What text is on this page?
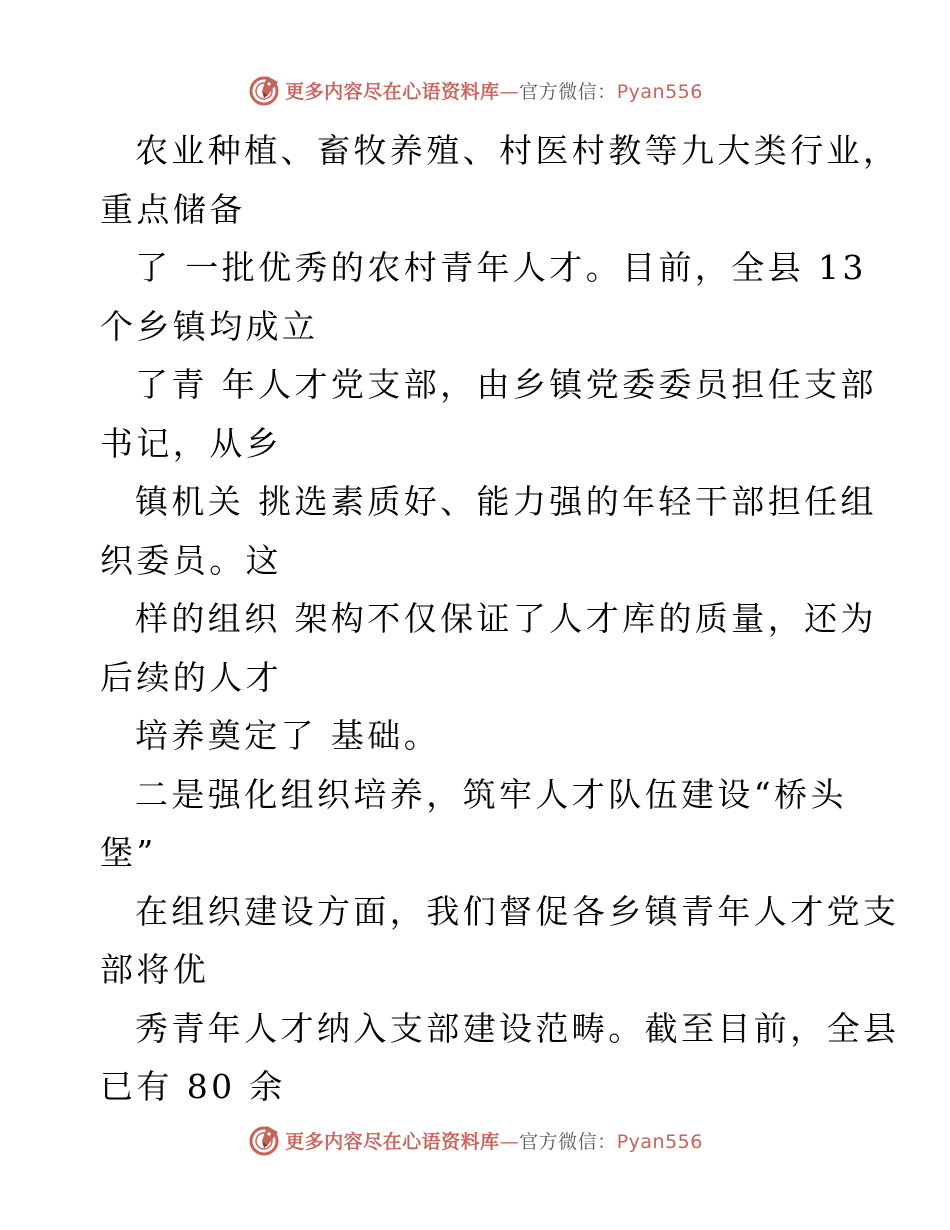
更多内容尽在心语资料库—官方微信：Pyan556
农业种植、畜牧养殖、村医村教等九大类行业，
重点储备
了 一批优秀的农村青年人才。目前，全县 13
个乡镇均成立
了青 年人才党支部，由乡镇党委委员担任支部
书记，从乡
镇机关 挑选素质好、能力强的年轻干部担任组
织委员。这
样的组织 架构不仅保证了人才库的质量，还为
后续的人才
培养奠定了 基础。
二是强化组织培养，筑牢人才队伍建设“桥头
堡”
在组织建设方面，我们督促各乡镇青年人才党支
部将优
秀青年人才纳入支部建设范畴。截至目前，全县
已有 80 余
更多内容尽在心语资料库—官方微信：Pyan556
